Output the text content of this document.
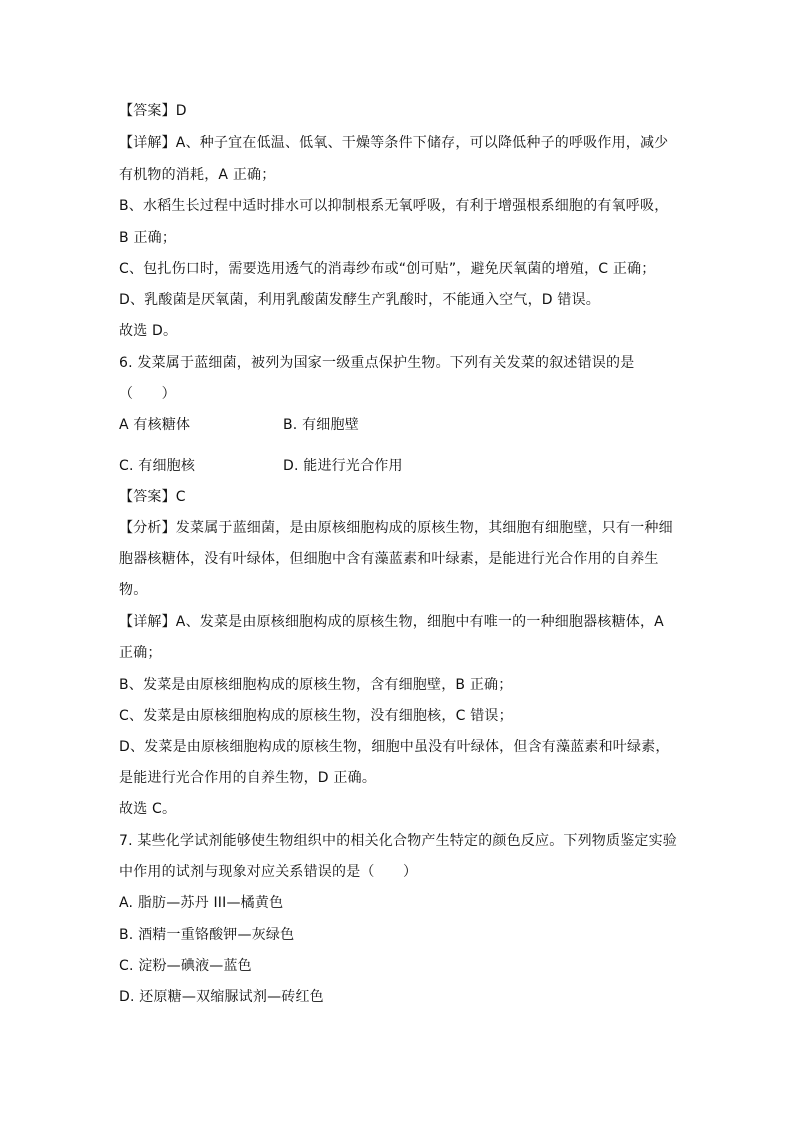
【答案】D
【详解】A、种子宜在低温、低氧、干燥等条件下储存，可以降低种子的呼吸作用，减少
有机物的消耗，A 正确；
B、水稻生长过程中适时排水可以抑制根系无氧呼吸，有利于增强根系细胞的有氧呼吸，
B 正确；
C、包扎伤口时，需要选用透气的消毒纱布或“创可贴”，避免厌氧菌的增殖，C 正确；
D、乳酸菌是厌氧菌，利用乳酸菌发酵生产乳酸时，不能通入空气，D 错误。
故选 D。
6. 发菜属于蓝细菌，被列为国家一级重点保护生物。下列有关发菜的叙述错误的是
（　　）
A 有核糖体	B. 有细胞壁
C. 有细胞核	D. 能进行光合作用
【答案】C
【分析】发菜属于蓝细菌，是由原核细胞构成的原核生物，其细胞有细胞壁，只有一种细
胞器核糖体，没有叶绿体，但细胞中含有藻蓝素和叶绿素，是能进行光合作用的自养生
物。
【详解】A、发菜是由原核细胞构成的原核生物，细胞中有唯一的一种细胞器核糖体，A
正确；
B、发菜是由原核细胞构成的原核生物，含有细胞壁，B 正确；
C、发菜是由原核细胞构成的原核生物，没有细胞核，C 错误；
D、发菜是由原核细胞构成的原核生物，细胞中虽没有叶绿体，但含有藻蓝素和叶绿素，
是能进行光合作用的自养生物，D 正确。
故选 C。
7. 某些化学试剂能够使生物组织中的相关化合物产生特定的颜色反应。下列物质鉴定实验
中作用的试剂与现象对应关系错误的是（　　）
A. 脂肪—苏丹 III—橘黄色
B. 酒精一重铬酸钾—灰绿色
C. 淀粉—碘液—蓝色
D. 还原糖—双缩脲试剂—砖红色
